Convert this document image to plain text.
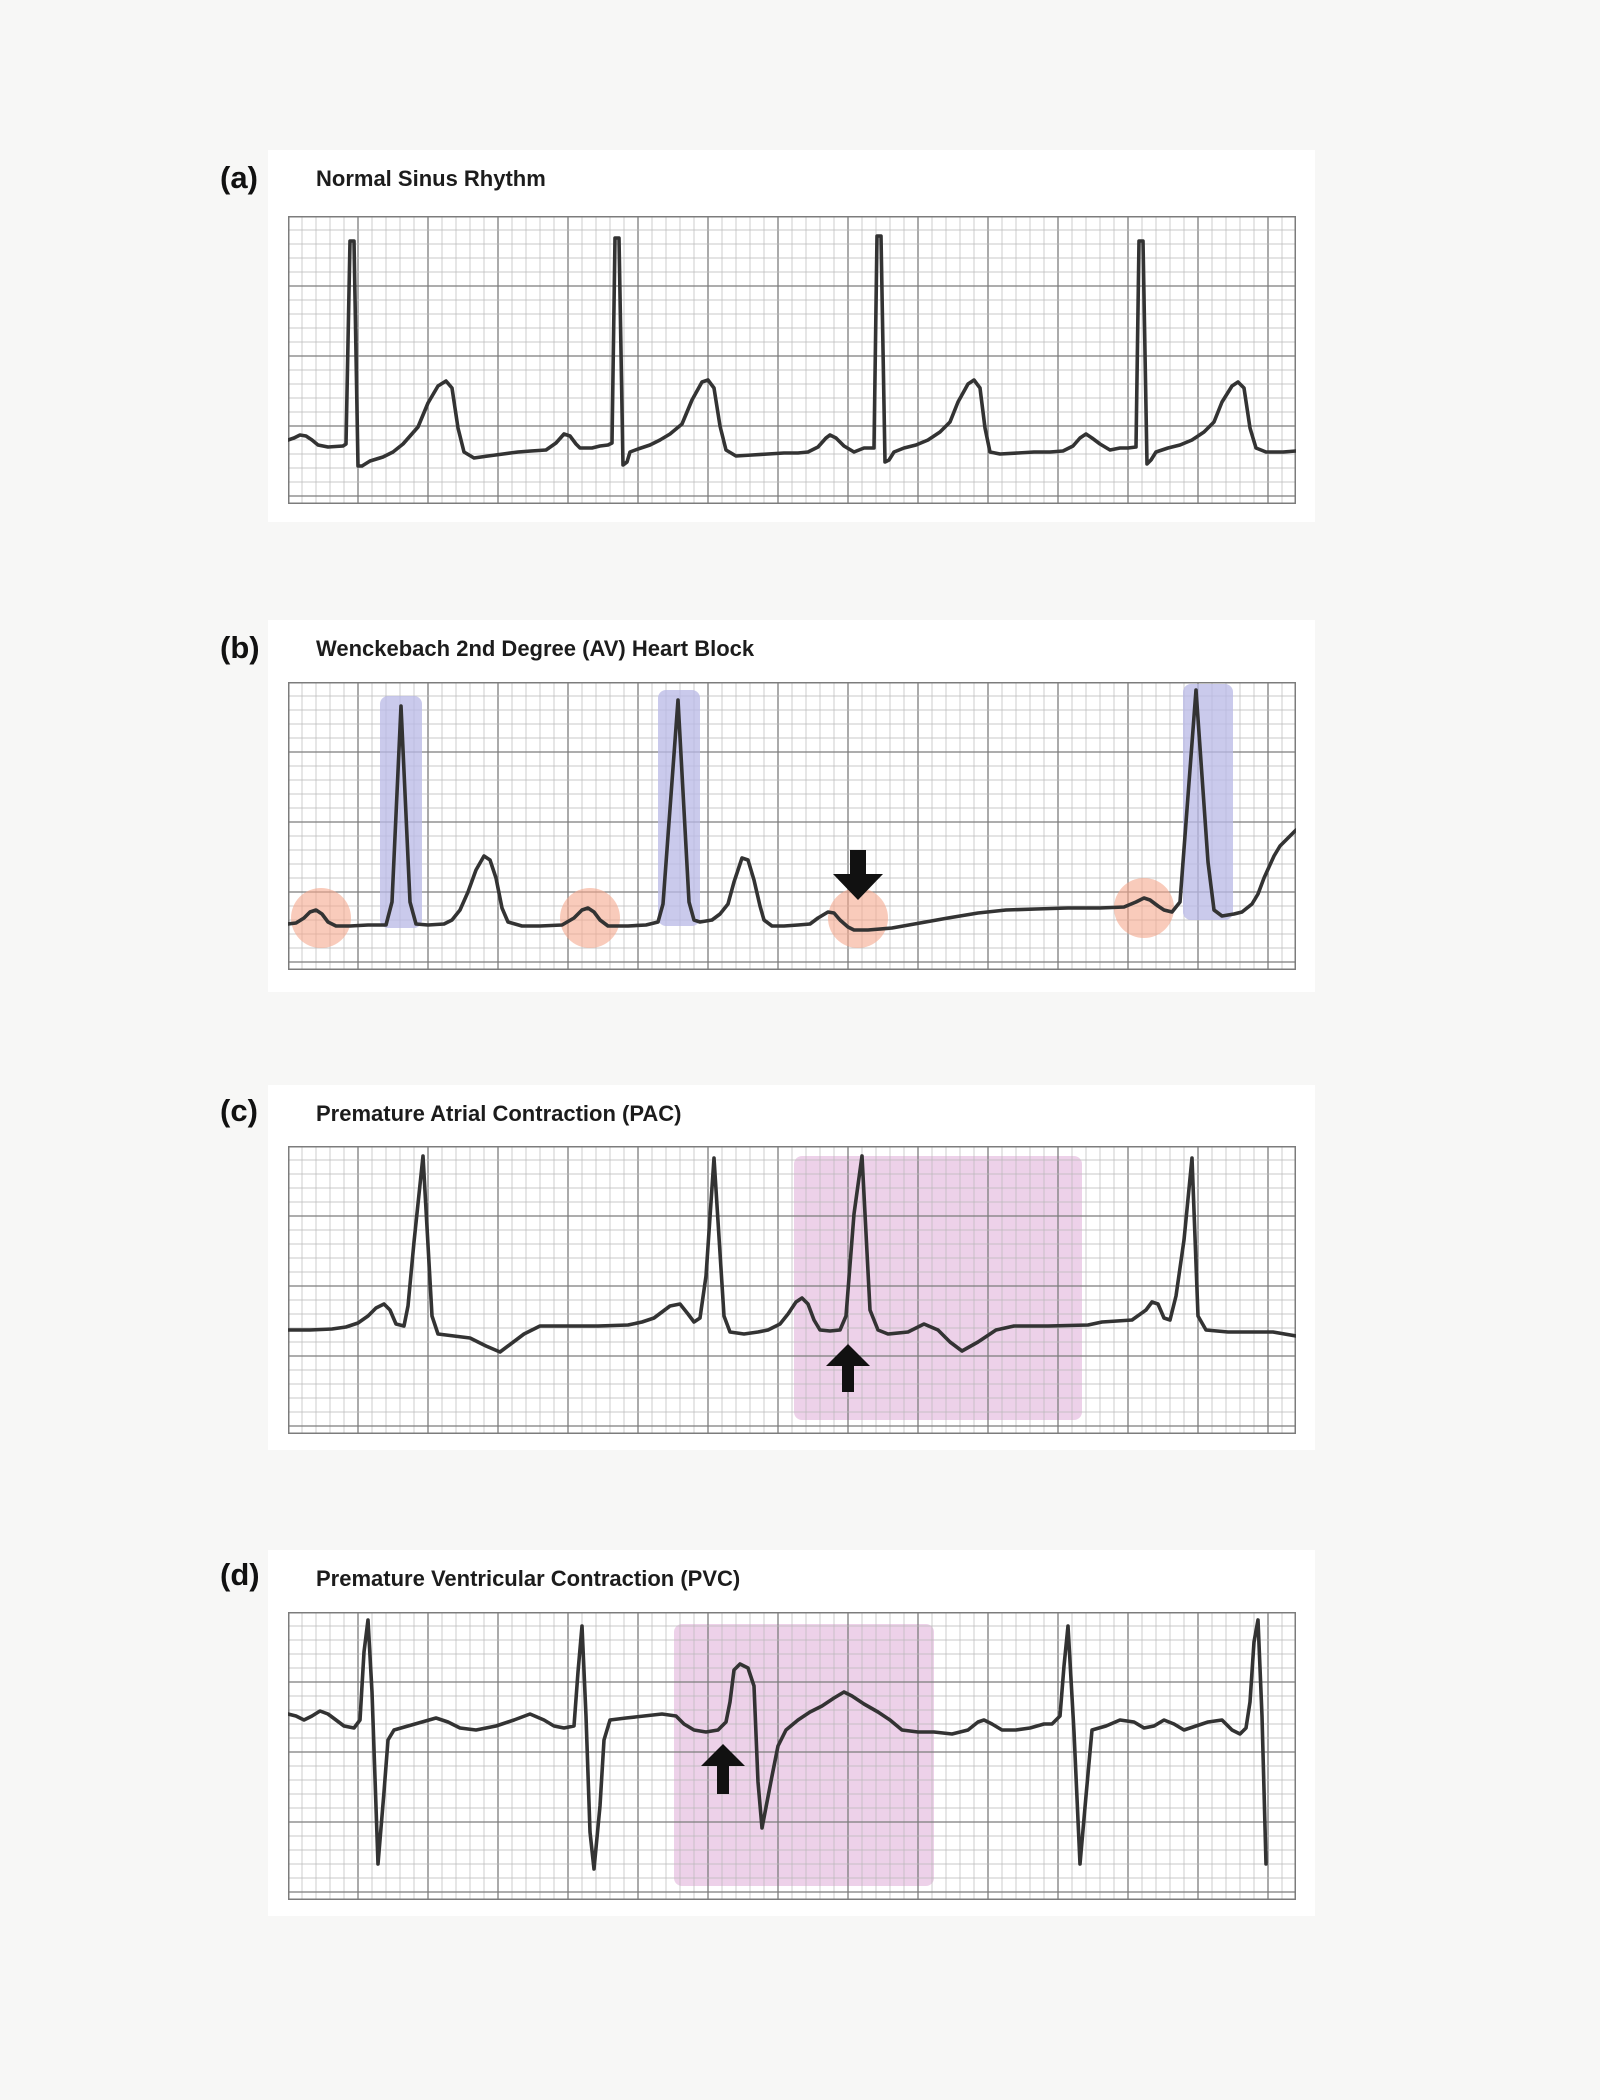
(a)	Normal Sinus Rhythm
(b)	Wenckebach 2nd Degree (AV) Heart Block
(c)	Premature Atrial Contraction (PAC)
(d)	Premature Ventricular Contraction (PVC)
